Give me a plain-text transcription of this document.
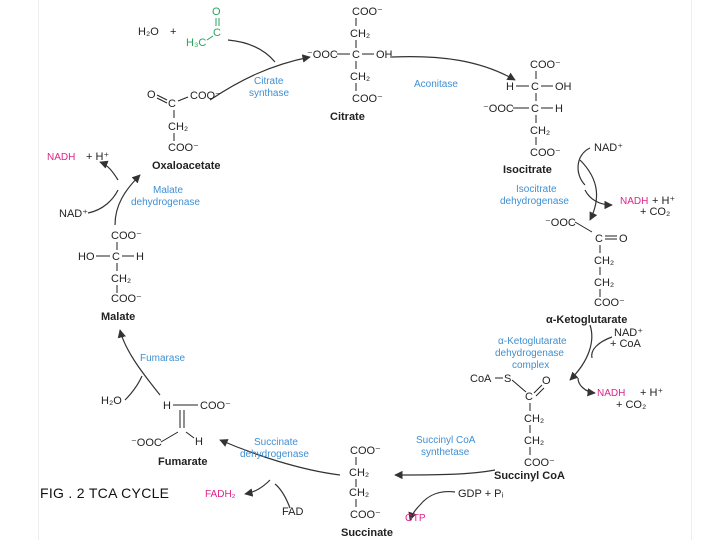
H₂O +
O
C
H₃C
COO⁻
CH₂
⁻OOC C OH
CH₂
COO⁻
Citrate
COO⁻
H C OH
⁻OOC C H
CH₂
COO⁻
Isocitrate
⁻OOC
C O
CH₂
CH₂
COO⁻
α-Ketoglutarate
CoA S
C
O
CH₂
CH₂
COO⁻
Succinyl CoA
COO⁻
CH₂
CH₂
COO⁻
Succinate
H	COO⁻
⁻OOC	H
Fumarate
COO⁻
HO C H
CH₂
COO⁻
Malate
O
C
COO⁻
CH₂
COO⁻
Oxaloacetate
Citrate
synthase
Aconitase
Isocitrate
dehydrogenase
α-Ketoglutarate
dehydrogenase
complex
Succinyl CoA
synthetase
Succinate
dehydrogenase
Fumarase
Malate
dehydrogenase
NAD⁺
NADH + H⁺
+ CO₂
NAD⁺
+ CoA
NADH + H⁺
+ CO₂
GDP + Pᵢ
GTP
FAD
FADH₂
H₂O
NAD⁺
NADH + H⁺
FIG . 2 TCA CYCLE
